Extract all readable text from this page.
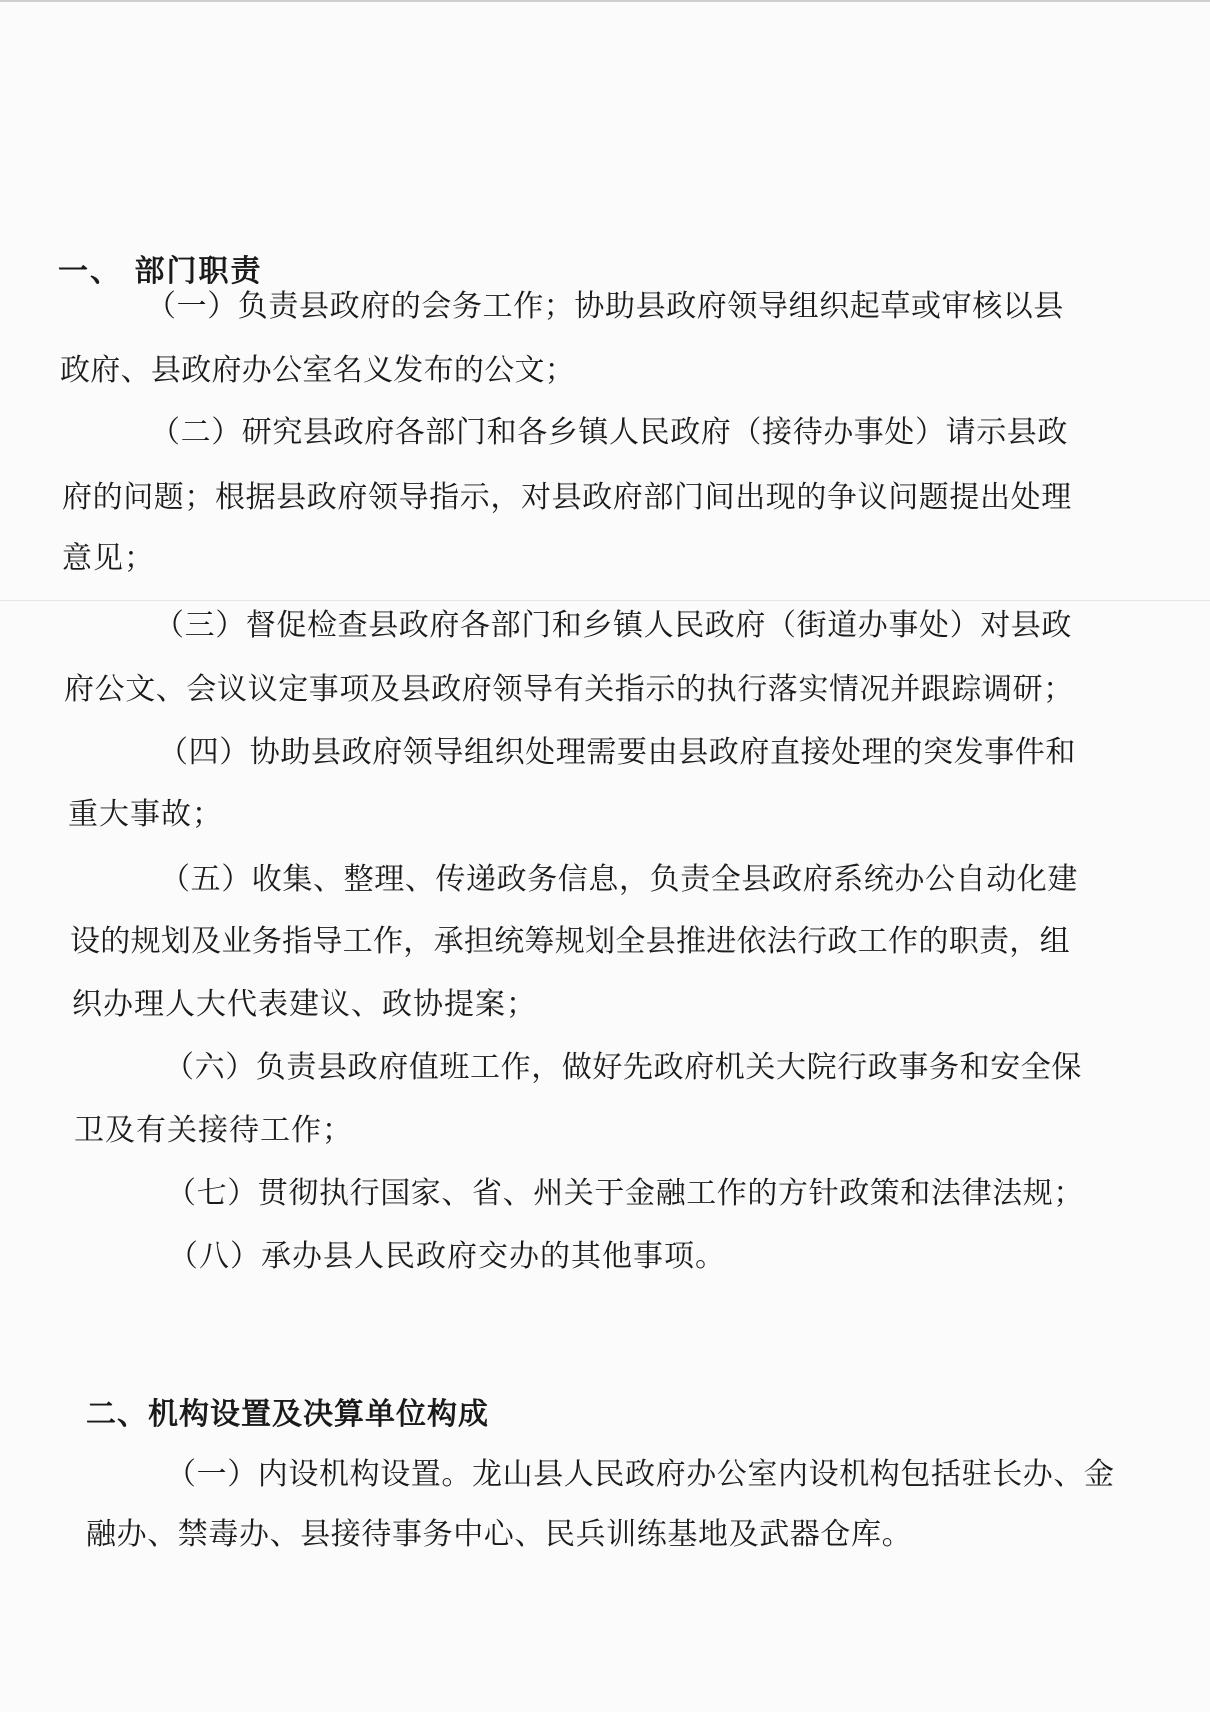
一、 部门职责
（一）负责县政府的会务工作；协助县政府领导组织起草或审核以县
政府、县政府办公室名义发布的公文；
（二）研究县政府各部门和各乡镇人民政府（接待办事处）请示县政
府的问题；根据县政府领导指示，对县政府部门间出现的争议问题提出处理
意见；
（三）督促检查县政府各部门和乡镇人民政府（街道办事处）对县政
府公文、会议议定事项及县政府领导有关指示的执行落实情况并跟踪调研；
（四）协助县政府领导组织处理需要由县政府直接处理的突发事件和
重大事故；
（五）收集、整理、传递政务信息，负责全县政府系统办公自动化建
设的规划及业务指导工作，承担统筹规划全县推进依法行政工作的职责，组
织办理人大代表建议、政协提案；
（六）负责县政府值班工作，做好先政府机关大院行政事务和安全保
卫及有关接待工作；
（七）贯彻执行国家、省、州关于金融工作的方针政策和法律法规；
（八）承办县人民政府交办的其他事项。
二、机构设置及决算单位构成
（一）内设机构设置。龙山县人民政府办公室内设机构包括驻长办、金
融办、禁毒办、县接待事务中心、民兵训练基地及武器仓库。
